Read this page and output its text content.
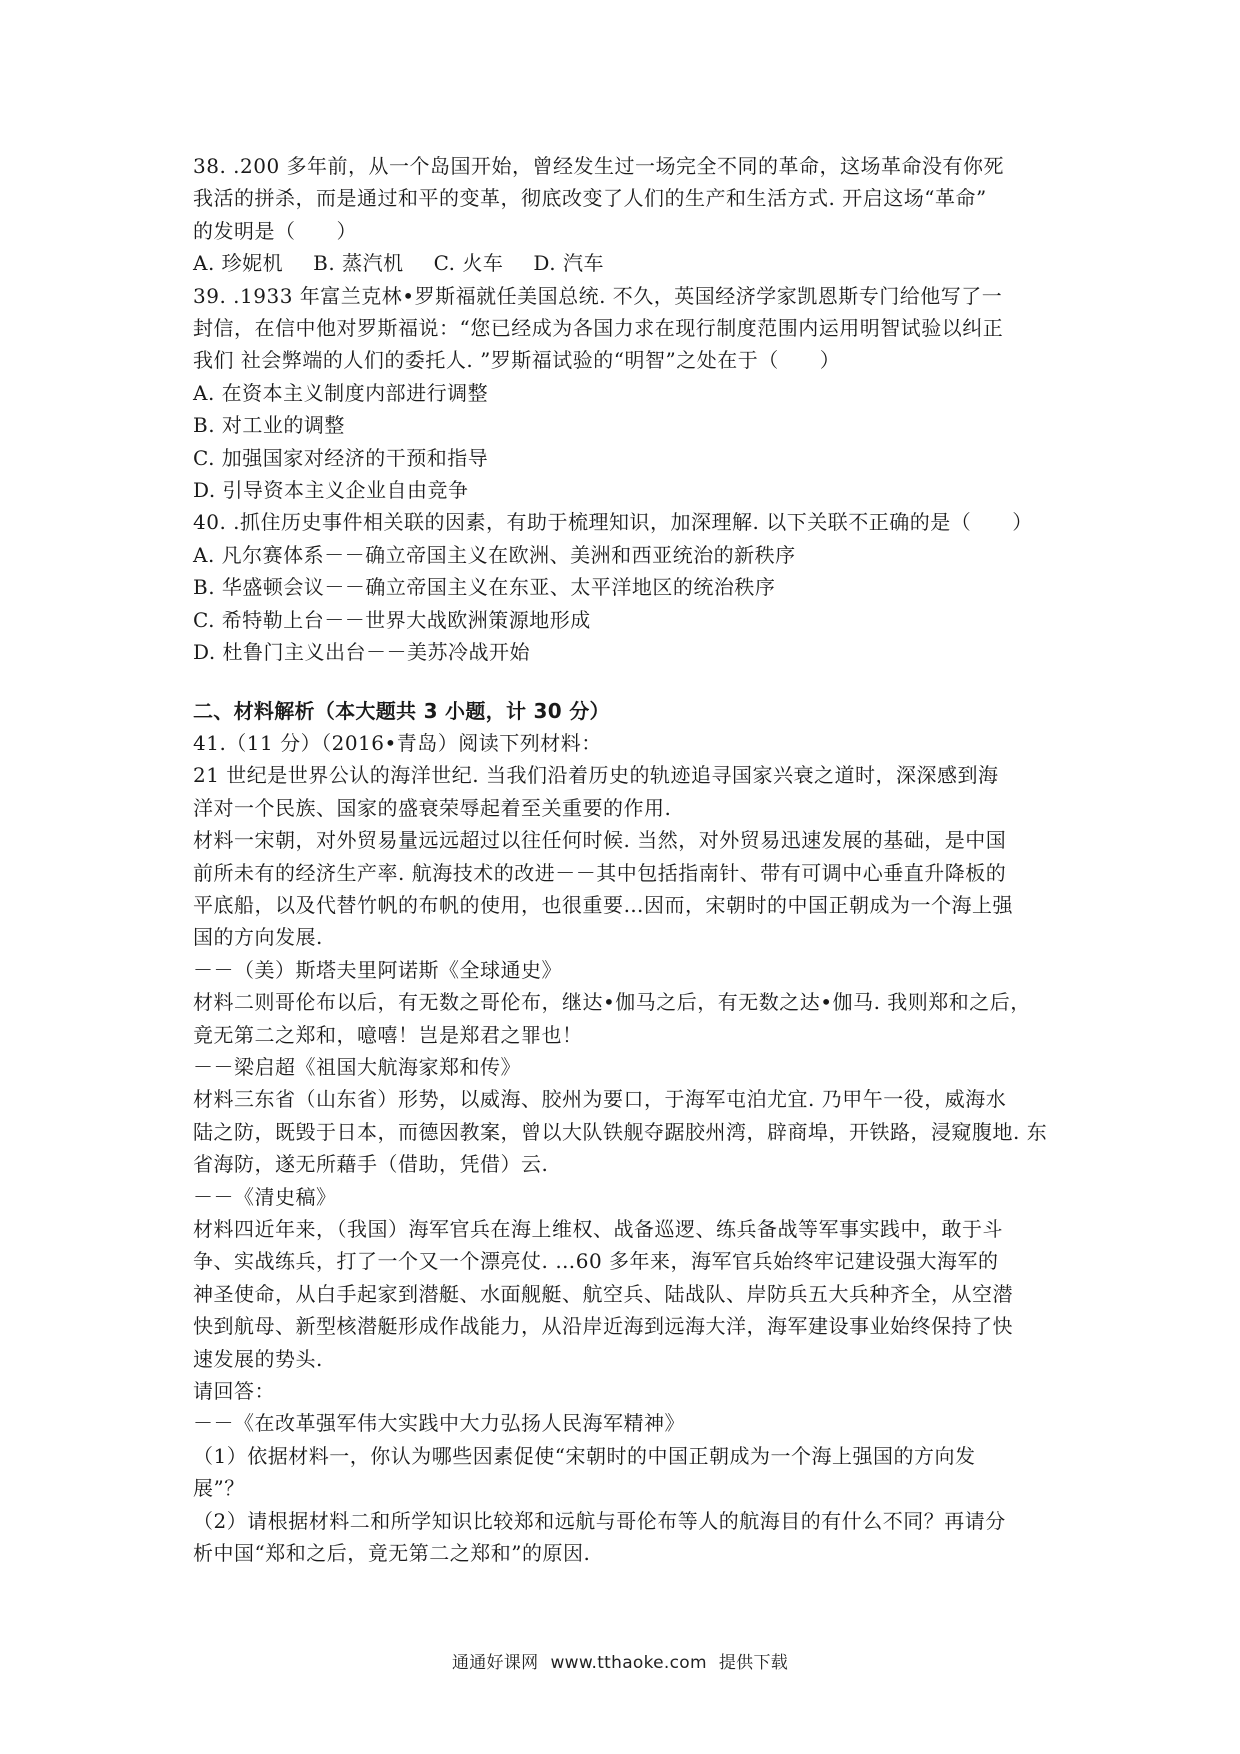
38. .200 多年前，从一个岛国开始，曾经发生过一场完全不同的革命，这场革命没有你死
我活的拼杀，而是通过和平的变革，彻底改变了人们的生产和生活方式. 开启这场“革命”
的发明是（　　）
A. 珍妮机 B. 蒸汽机 C. 火车 D. 汽车
39. .1933 年富兰克林•罗斯福就任美国总统. 不久，英国经济学家凯恩斯专门给他写了一
封信，在信中他对罗斯福说：“您已经成为各国力求在现行制度范围内运用明智试验以纠正
我们 社会弊端的人们的委托人. ”罗斯福试验的“明智”之处在于（　　）
A. 在资本主义制度内部进行调整
B. 对工业的调整
C. 加强国家对经济的干预和指导
D. 引导资本主义企业自由竞争
40. .抓住历史事件相关联的因素，有助于梳理知识，加深理解. 以下关联不正确的是（　　）
A. 凡尔赛体系－－确立帝国主义在欧洲、美洲和西亚统治的新秩序
B. 华盛顿会议－－确立帝国主义在东亚、太平洋地区的统治秩序
C. 希特勒上台－－世界大战欧洲策源地形成
D. 杜鲁门主义出台－－美苏冷战开始
二、材料解析（本大题共 3 小题，计 30 分）
41.（11 分）（2016•青岛）阅读下列材料：
21 世纪是世界公认的海洋世纪. 当我们沿着历史的轨迹追寻国家兴衰之道时，深深感到海
洋对一个民族、国家的盛衰荣辱起着至关重要的作用.
材料一宋朝，对外贸易量远远超过以往任何时候. 当然，对外贸易迅速发展的基础，是中国
前所未有的经济生产率. 航海技术的改进－－其中包括指南针、带有可调中心垂直升降板的
平底船，以及代替竹帆的布帆的使用，也很重要…因而，宋朝时的中国正朝成为一个海上强
国的方向发展.
－－（美）斯塔夫里阿诺斯《全球通史》
材料二则哥伦布以后，有无数之哥伦布，继达•伽马之后，有无数之达•伽马. 我则郑和之后，
竟无第二之郑和，噫嘻！岂是郑君之罪也！
－－梁启超《祖国大航海家郑和传》
材料三东省（山东省）形势，以威海、胶州为要口，于海军屯泊尤宜. 乃甲午一役，威海水
陆之防，既毁于日本，而德因教案，曾以大队铁舰夺踞胶州湾，辟商埠，开铁路，浸窥腹地. 东
省海防，遂无所藉手（借助，凭借）云.
－－《清史稿》
材料四近年来，（我国）海军官兵在海上维权、战备巡逻、练兵备战等军事实践中，敢于斗
争、实战练兵，打了一个又一个漂亮仗. …60 多年来，海军官兵始终牢记建设强大海军的
神圣使命，从白手起家到潜艇、水面舰艇、航空兵、陆战队、岸防兵五大兵种齐全，从空潜
快到航母、新型核潜艇形成作战能力，从沿岸近海到远海大洋，海军建设事业始终保持了快
速发展的势头.
请回答：
－－《在改革强军伟大实践中大力弘扬人民海军精神》
（1）依据材料一，你认为哪些因素促使“宋朝时的中国正朝成为一个海上强国的方向发
展”？
（2）请根据材料二和所学知识比较郑和远航与哥伦布等人的航海目的有什么不同？再请分
析中国“郑和之后，竟无第二之郑和”的原因.
通通好课网 www.tthaoke.com 提供下载
